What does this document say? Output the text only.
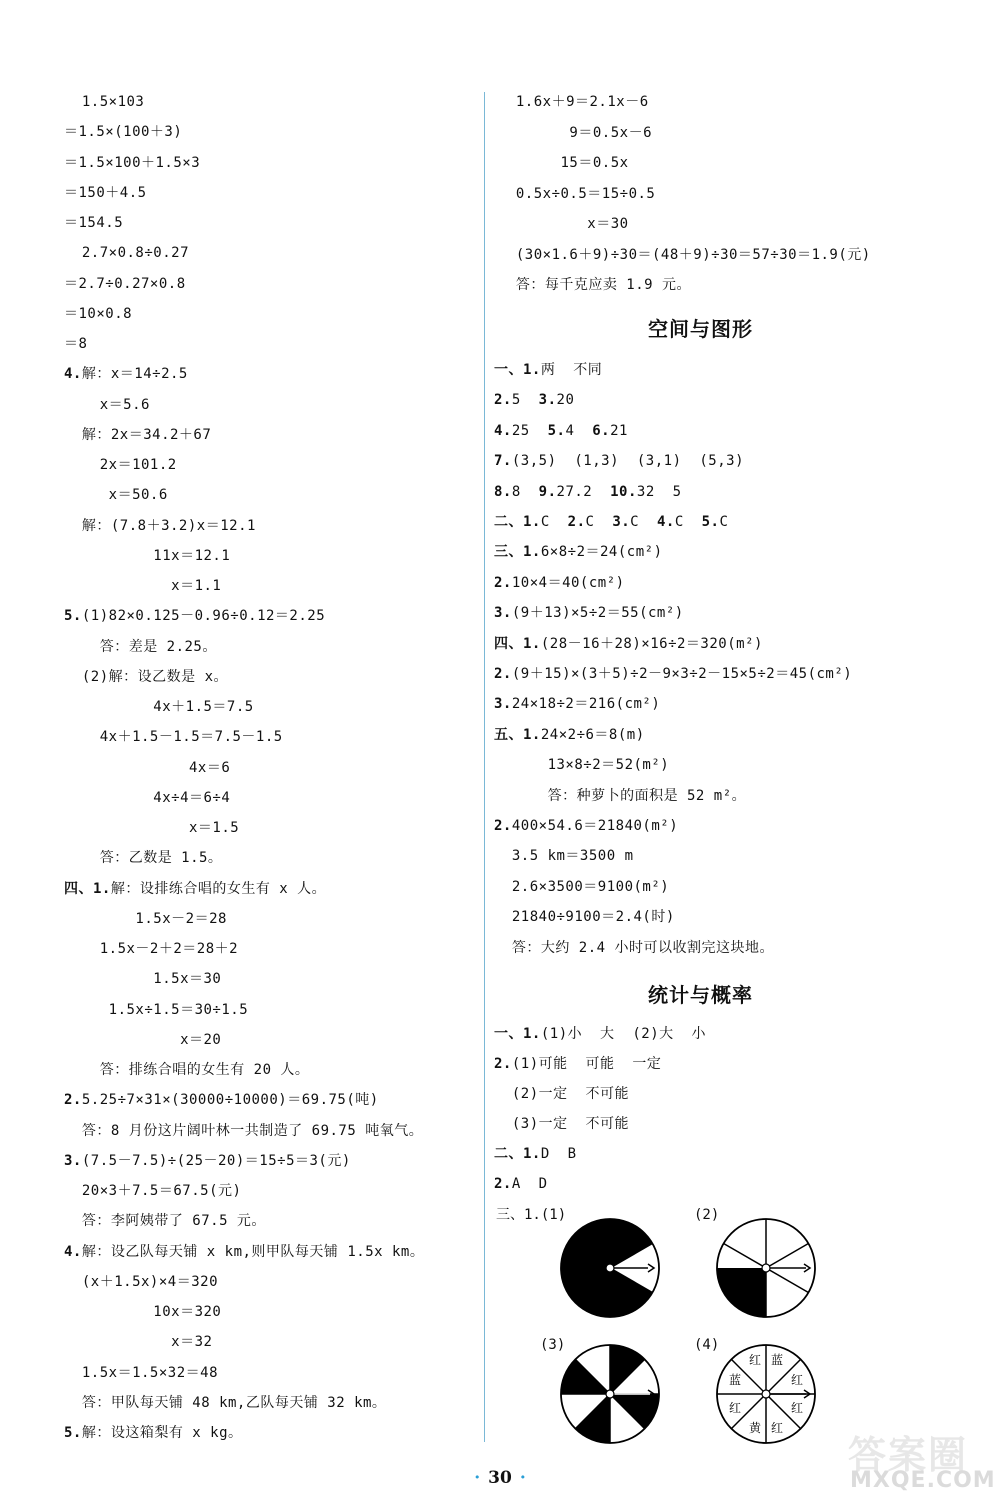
1.5×103
＝1.5×(100＋3)
＝1.5×100＋1.5×3
＝150＋4.5
＝154.5
2.7×0.8÷0.27
＝2.7÷0.27×0.8
＝10×0.8
＝8
4.解：x＝14÷2.5
x＝5.6
解：2x＝34.2＋67
2x＝101.2
x＝50.6
解：(7.8＋3.2)x＝12.1
11x＝12.1
x＝1.1
5.(1)82×0.125－0.96÷0.12＝2.25
答：差是 2.25。
(2)解：设乙数是 x。
4x＋1.5＝7.5
4x＋1.5－1.5＝7.5－1.5
4x＝6
4x÷4＝6÷4
x＝1.5
答：乙数是 1.5。
四、1.解：设排练合唱的女生有 x 人。
1.5x－2＝28
1.5x－2＋2＝28＋2
1.5x＝30
1.5x÷1.5＝30÷1.5
x＝20
答：排练合唱的女生有 20 人。
2.5.25÷7×31×(30000÷10000)＝69.75(吨)
答：8 月份这片阔叶林一共制造了 69.75 吨氧气。
3.(7.5－7.5)÷(25－20)＝15÷5＝3(元)
20×3＋7.5＝67.5(元)
答：李阿姨带了 67.5 元。
4.解：设乙队每天铺 x km,则甲队每天铺 1.5x km。
(x＋1.5x)×4＝320
10x＝320
x＝32
1.5x＝1.5×32＝48
答：甲队每天铺 48 km,乙队每天铺 32 km。
5.解：设这箱梨有 x kg。
1.6x＋9＝2.1x－6
9＝0.5x－6
15＝0.5x
0.5x÷0.5＝15÷0.5
x＝30
(30×1.6＋9)÷30＝(48＋9)÷30＝57÷30＝1.9(元)
答：每千克应卖 1.9 元。
空间与图形
一、1.两  不同
2.5  3.20
4.25  5.4  6.21
7.(3,5)  (1,3)  (3,1)  (5,3)
8.8  9.27.2  10.32  5
二、1.C  2.C  3.C  4.C  5.C
三、1.6×8÷2＝24(cm²)
2.10×4＝40(cm²)
3.(9＋13)×5÷2＝55(cm²)
四、1.(28－16＋28)×16÷2＝320(m²)
2.(9＋15)×(3＋5)÷2－9×3÷2－15×5÷2＝45(cm²)
3.24×18÷2＝216(cm²)
五、1.24×2÷6＝8(m)
13×8÷2＝52(m²)
答：种萝卜的面积是 52 m²。
2.400×54.6＝21840(m²)
3.5 km＝3500 m
2.6×3500＝9100(m²)
21840÷9100＝2.4(时)
答：大约 2.4 小时可以收割完这块地。
统计与概率
一、1.(1)小  大  (2)大  小
2.(1)可能  可能  一定
(2)一定  不可能
(3)一定  不可能
二、1.D  B
2.A  D
三、1.(1)	(2)
(3)	(4)
蓝
红
红
红
黄
红
蓝
红
· 30 ·
答案圈
MXQE.COM
